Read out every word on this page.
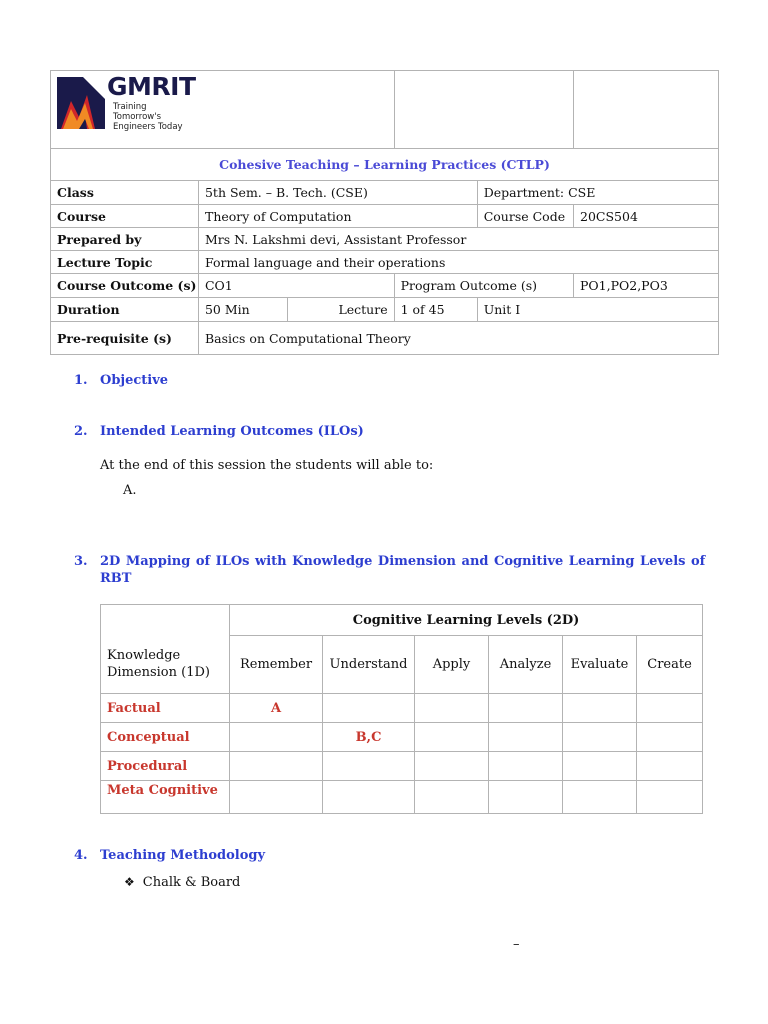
GMRIT
Training Tomorrow's
Engineers Today					

Cohesive Teaching – Learning Practices (CTLP)					
Class	5th Sem. – B. Tech. (CSE)			Department: CSE	
Course	Theory of Computation			Course Code	20CS504
Prepared by	Mrs N. Lakshmi devi, Assistant Professor				
Lecture Topic	Formal language and their operations				
Course Outcome (s)	CO1		Program Outcome (s)		PO1,PO2,PO3
Duration	50 Min	Lecture	1 of 45	Unit I	
Pre-requisite (s)	Basics on Computational Theory				
1. Objective
2. Intended Learning Outcomes (ILOs)
At the end of this session the students will able to:
A.
3. 2D Mapping of ILOs with Knowledge Dimension and Cognitive Learning Levels of
RBT
	Cognitive Learning Levels (2D)					
Knowledge
Dimension (1D)	Remember	Understand	Apply	Analyze	Evaluate	Create
Factual	A					
Conceptual		B,C				
Procedural						
Meta Cognitive						
4. Teaching Methodology
❖ Chalk & Board
–
